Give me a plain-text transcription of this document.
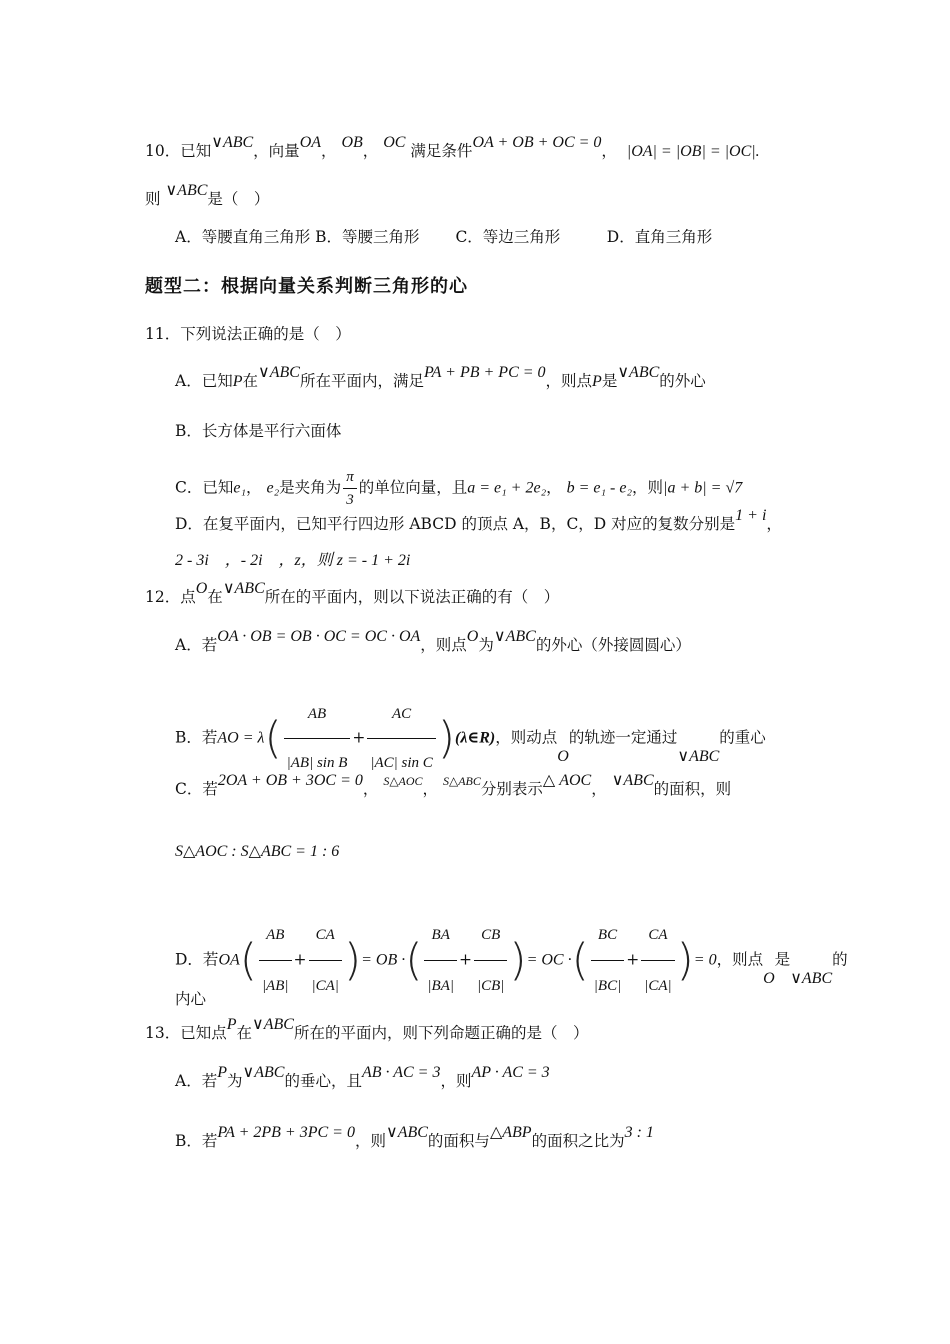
10．已知∨ABC，向量OA， OB， OC 满足条件OA + OB + OC = 0， |OA| = |OB| = |OC|.
则 ∨ABC是（　）
A．等腰直角三角形 B．等腰三角形　　 C．等边三角形　　　D．直角三角形
题型二：根据向量关系判断三角形的心
11．下列说法正确的是（　）
A．已知P在∨ABC所在平面内，满足PA + PB + PC = 0，则点P是∨ABC的外心
B．长方体是平行六面体
C．已知e₁， e₂是夹角为 $\frac{\pi}{3}$ 的单位向量，且a = e₁ + 2e₂， b = e₁ - e₂，则|a + b| = √7
D．在复平面内，已知平行四边形 ABCD 的顶点 A，B，C，D 对应的复数分别是1 + i，
2 - 3i　，- 2i　，z，则 z = - 1 + 2i
12．点O在∨ABC所在的平面内，则以下说法正确的有（　）
A．若OA · OB = OB · OC = OC · OA，则点O为∨ABC的外心（外接圆圆心）
B．若AO = $\lambda( \frac{AB}{\text{|AB| sin B}} + \frac{AC}{\text{|AC| sin C}}$ )(λ∈R)，则动点O的轨迹一定通过∨ABC的重心
C．若2OA + OB + 3OC = 0， $^{S\triangle AOC}$， $^{S\triangle ABC}$分别表示△ AOC， ∨ABC的面积，则
S△AOC : S△ABC = 1 : 6
D．若$OA( \frac{AB}{|AB|} + \frac{CA}{|CA|}$ )= OB ·( $\frac{BA}{|BA|} + \frac{CB}{|CB|}$ )= OC ·( $\frac{BC}{|BC|} + \frac{CA}{|CA|}$ )= 0，则点O是∨ABC的
内心
13．已知点P在∨ABC所在的平面内，则下列命题正确的是（　）
A．若P为∨ABC的垂心，且AB · AC = 3，则AP · AC = 3
B．若PA + 2PB + 3PC = 0，则∨ABC的面积与△ABP的面积之比为3 : 1
